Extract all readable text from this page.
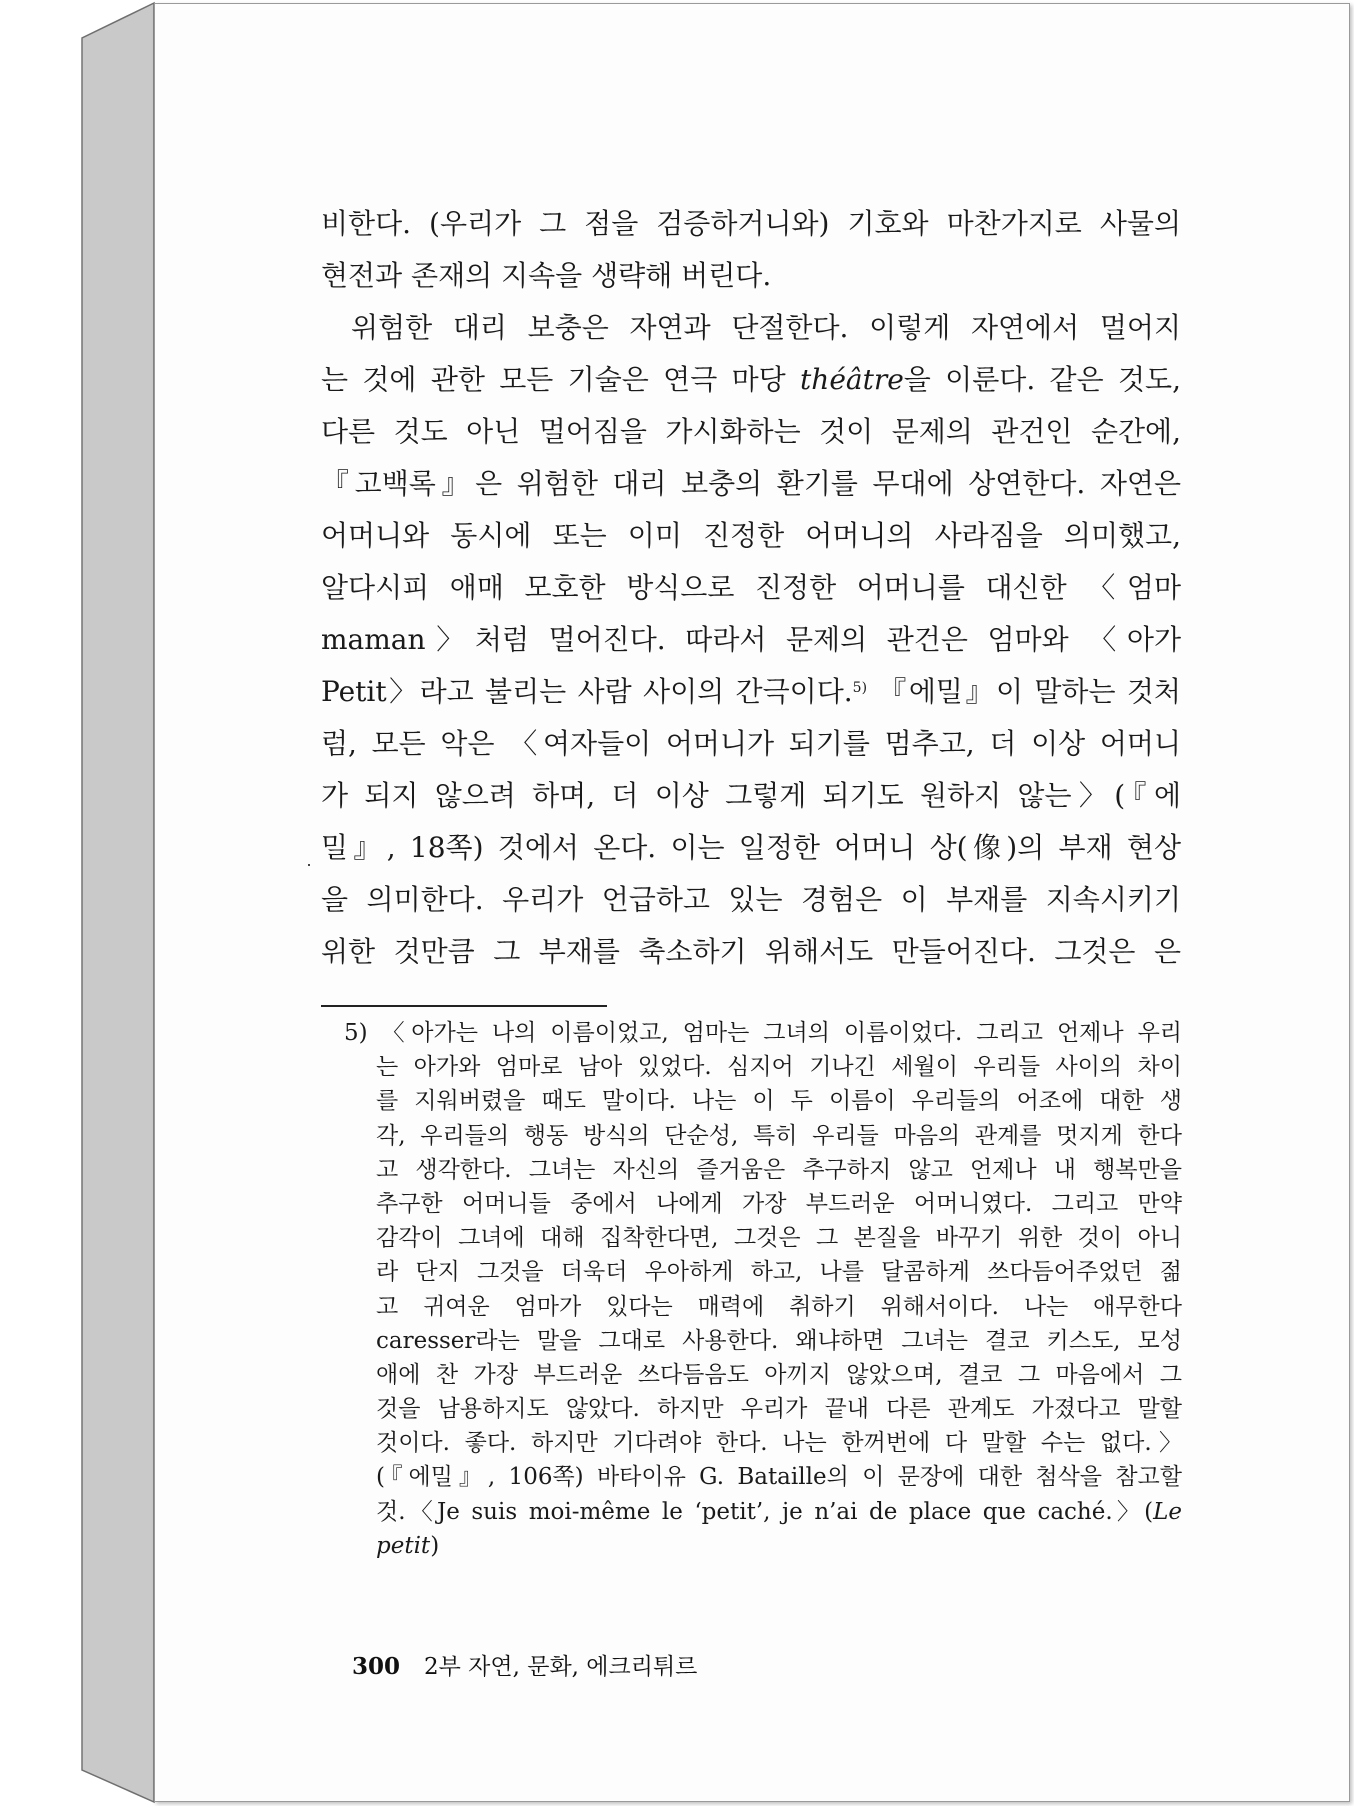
비한다. (우리가 그 점을 검증하거니와) 기호와 마찬가지로 사물의
현전과 존재의 지속을 생략해 버린다.
위험한 대리 보충은 자연과 단절한다. 이렇게 자연에서 멀어지
는 것에 관한 모든 기술은 연극 마당 théâtre을 이룬다. 같은 것도,
다른 것도 아닌 멀어짐을 가시화하는 것이 문제의 관건인 순간에,
『고백록』은 위험한 대리 보충의 환기를 무대에 상연한다. 자연은
어머니와 동시에 또는 이미 진정한 어머니의 사라짐을 의미했고,
알다시피 애매 모호한 방식으로 진정한 어머니를 대신한 〈엄마
maman〉처럼 멀어진다. 따라서 문제의 관건은 엄마와 〈아가
Petit〉라고 불리는 사람 사이의 간극이다.$^{5)}$ 『에밀』이 말하는 것처
럼, 모든 악은 〈여자들이 어머니가 되기를 멈추고, 더 이상 어머니
가 되지 않으려 하며, 더 이상 그렇게 되기도 원하지 않는〉(『에
밀』, 18쪽) 것에서 온다. 이는 일정한 어머니 상(像)의 부재 현상
을 의미한다. 우리가 언급하고 있는 경험은 이 부재를 지속시키기
위한 것만큼 그 부재를 축소하기 위해서도 만들어진다. 그것은 은
5) 〈아가는 나의 이름이었고, 엄마는 그녀의 이름이었다. 그리고 언제나 우리
는 아가와 엄마로 남아 있었다. 심지어 기나긴 세월이 우리들 사이의 차이
를 지워버렸을 때도 말이다. 나는 이 두 이름이 우리들의 어조에 대한 생
각, 우리들의 행동 방식의 단순성, 특히 우리들 마음의 관계를 멋지게 한다
고 생각한다. 그녀는 자신의 즐거움은 추구하지 않고 언제나 내 행복만을
추구한 어머니들 중에서 나에게 가장 부드러운 어머니였다. 그리고 만약
감각이 그녀에 대해 집착한다면, 그것은 그 본질을 바꾸기 위한 것이 아니
라 단지 그것을 더욱더 우아하게 하고, 나를 달콤하게 쓰다듬어주었던 젊
고 귀여운 엄마가 있다는 매력에 취하기 위해서이다. 나는 애무한다
caresser라는 말을 그대로 사용한다. 왜냐하면 그녀는 결코 키스도, 모성
애에 찬 가장 부드러운 쓰다듬음도 아끼지 않았으며, 결코 그 마음에서 그
것을 남용하지도 않았다. 하지만 우리가 끝내 다른 관계도 가졌다고 말할
것이다. 좋다. 하지만 기다려야 한다. 나는 한꺼번에 다 말할 수는 없다.〉
(『에밀』, 106쪽) 바타이유 G. Bataille의 이 문장에 대한 첨삭을 참고할
것.〈Je suis moi-même le ‘petit’, je n’ai de place que caché.〉(Le
petit)
300 2부 자연, 문화, 에크리튀르
